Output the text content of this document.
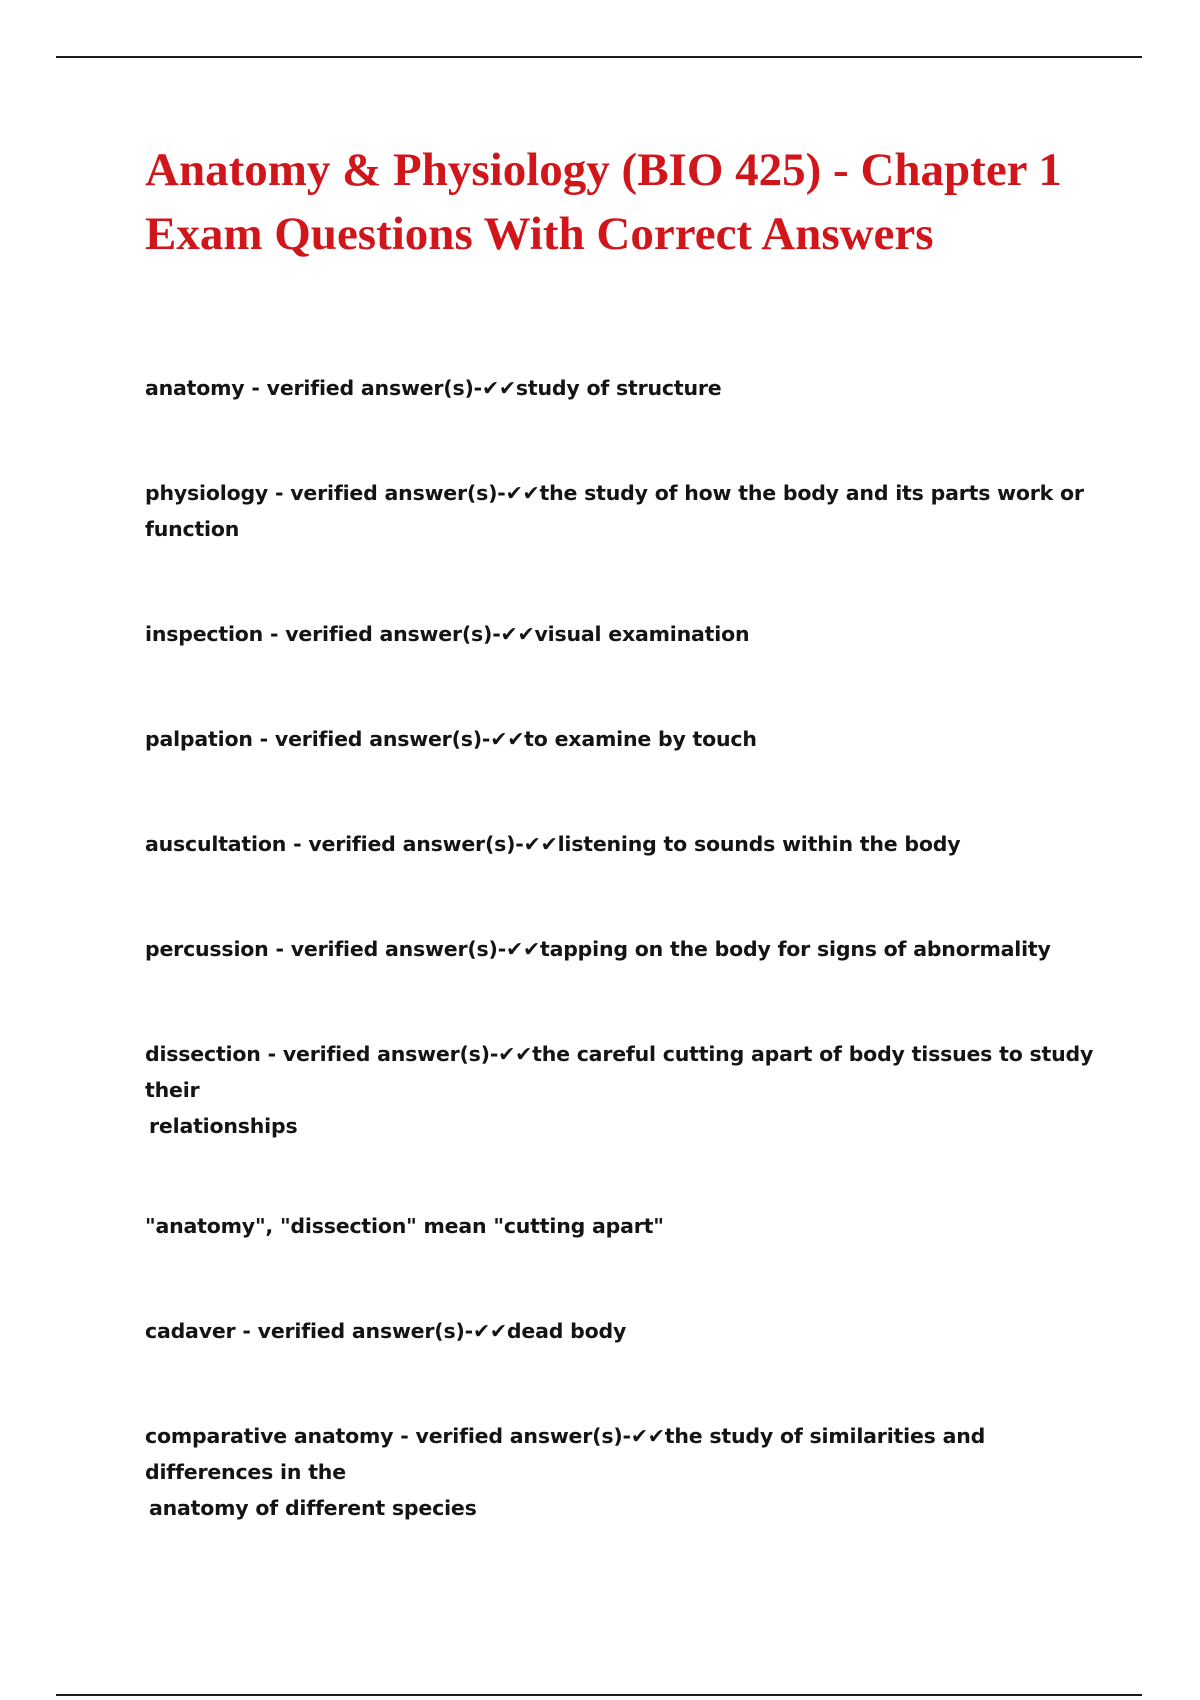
Anatomy & Physiology (BIO 425) - Chapter 1 Exam Questions With Correct Answers
anatomy - verified answer(s)-✔✔study of structure
physiology - verified answer(s)-✔✔the study of how the body and its parts work or function
inspection - verified answer(s)-✔✔visual examination
palpation - verified answer(s)-✔✔to examine by touch
auscultation - verified answer(s)-✔✔listening to sounds within the body
percussion - verified answer(s)-✔✔tapping on the body for signs of abnormality
dissection - verified answer(s)-✔✔the careful cutting apart of body tissues to study their
relationships
"anatomy", "dissection" mean "cutting apart"
cadaver - verified answer(s)-✔✔dead body
comparative anatomy - verified answer(s)-✔✔the study of similarities and differences in the
anatomy of different species
